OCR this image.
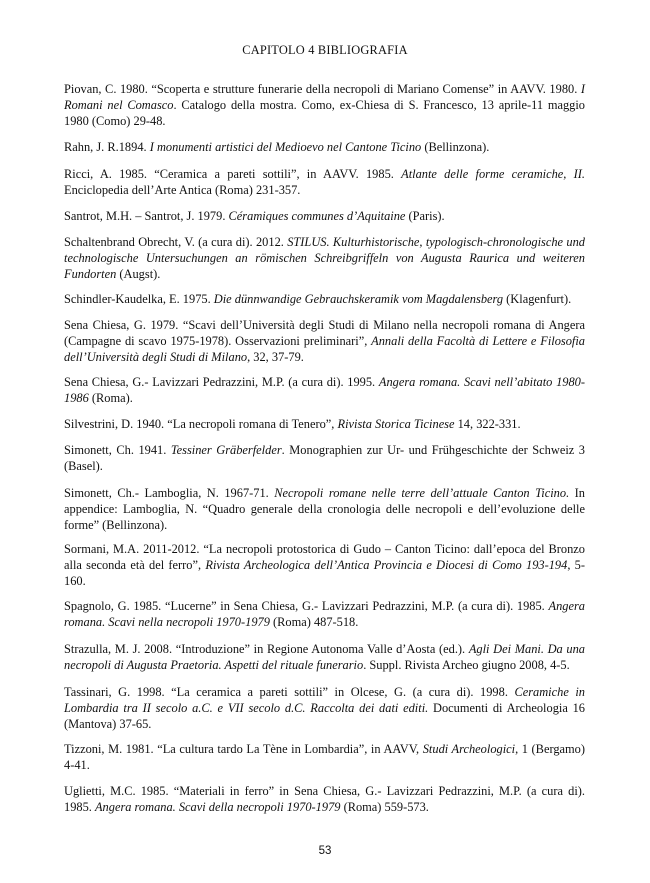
CAPITOLO 4 BIBLIOGRAFIA

Piovan, C. 1980. “Scoperta e strutture funerarie della necropoli di Mariano Comense” in AAVV. 1980. I Romani nel Comasco. Catalogo della mostra. Como, ex-Chiesa di S. Francesco, 13 aprile-11 maggio 1980 (Como) 29-48.

Rahn, J. R.1894. I monumenti artistici del Medioevo nel Cantone Ticino (Bellinzona).

Ricci, A. 1985. “Ceramica a pareti sottili”, in AAVV. 1985. Atlante delle forme ceramiche, II. Enciclopedia dell’Arte Antica (Roma) 231-357.

Santrot, M.H. – Santrot, J. 1979. Céramiques communes d’Aquitaine (Paris).

Schaltenbrand Obrecht, V. (a cura di). 2012. STILUS. Kulturhistorische, typologisch-chronologische und technologische Untersuchungen an römischen Schreibgriffeln von Augusta Raurica und weiteren Fundorten (Augst).

Schindler-Kaudelka, E. 1975. Die dünnwandige Gebrauchskeramik vom Magdalensberg (Klagenfurt).

Sena Chiesa, G. 1979. “Scavi dell’Università degli Studi di Milano nella necropoli romana di Angera (Campagne di scavo 1975-1978). Osservazioni preliminari”, Annali della Facoltà di Lettere e Filosofia dell’Università degli Studi di Milano, 32, 37-79.

Sena Chiesa, G.- Lavizzari Pedrazzini, M.P. (a cura di). 1995. Angera romana. Scavi nell’abitato 1980-1986 (Roma).

Silvestrini, D. 1940. “La necropoli romana di Tenero”, Rivista Storica Ticinese 14, 322-331.

Simonett, Ch. 1941. Tessiner Gräberfelder. Monographien zur Ur- und Frühgeschichte der Schweiz 3 (Basel).

Simonett, Ch.- Lamboglia, N. 1967-71. Necropoli romane nelle terre dell’attuale Canton Ticino. In appendice: Lamboglia, N. “Quadro generale della cronologia delle necropoli e dell’evoluzione delle forme” (Bellinzona).

Sormani, M.A. 2011-2012. “La necropoli protostorica di Gudo – Canton Ticino: dall’epoca del Bronzo alla seconda età del ferro”, Rivista Archeologica dell’Antica Provincia e Diocesi di Como 193-194, 5-160.

Spagnolo, G. 1985. “Lucerne” in Sena Chiesa, G.- Lavizzari Pedrazzini, M.P. (a cura di). 1985. Angera romana. Scavi nella necropoli 1970-1979 (Roma) 487-518.

Strazulla, M. J. 2008. “Introduzione” in Regione Autonoma Valle d’Aosta (ed.). Agli Dei Mani. Da una necropoli di Augusta Praetoria. Aspetti del rituale funerario. Suppl. Rivista Archeo giugno 2008, 4-5.

Tassinari, G. 1998. “La ceramica a pareti sottili” in Olcese, G. (a cura di). 1998. Ceramiche in Lombardia tra II secolo a.C. e VII secolo d.C. Raccolta dei dati editi. Documenti di Archeologia 16 (Mantova) 37-65.

Tizzoni, M. 1981. “La cultura tardo La Tène in Lombardia”, in AAVV, Studi Archeologici, 1 (Bergamo) 4-41.

Uglietti, M.C. 1985. “Materiali in ferro” in Sena Chiesa, G.- Lavizzari Pedrazzini, M.P. (a cura di). 1985. Angera romana. Scavi della necropoli 1970-1979 (Roma) 559-573.

53
